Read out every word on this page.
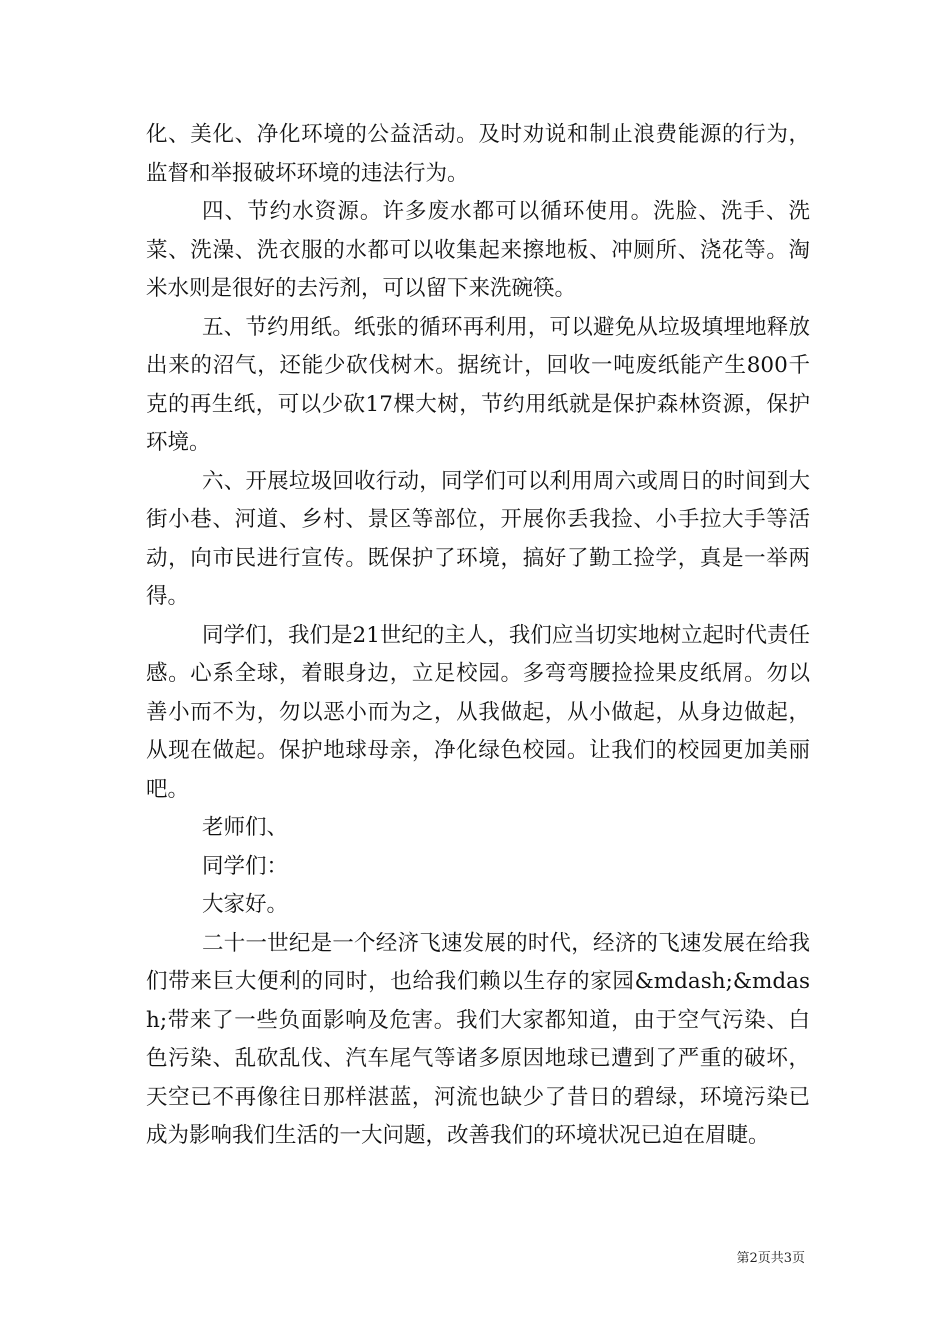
化、美化、净化环境的公益活动。及时劝说和制止浪费能源的行为，监督和举报破坏环境的违法行为。

四、节约水资源。许多废水都可以循环使用。洗脸、洗手、洗菜、洗澡、洗衣服的水都可以收集起来擦地板、冲厕所、浇花等。淘米水则是很好的去污剂，可以留下来洗碗筷。

五、节约用纸。纸张的循环再利用，可以避免从垃圾填埋地释放出来的沼气，还能少砍伐树木。据统计，回收一吨废纸能产生800千克的再生纸，可以少砍17棵大树，节约用纸就是保护森林资源，保护环境。

六、开展垃圾回收行动，同学们可以利用周六或周日的时间到大街小巷、河道、乡村、景区等部位，开展你丢我捡、小手拉大手等活动，向市民进行宣传。既保护了环境，搞好了勤工捡学，真是一举两得。

同学们，我们是21世纪的主人，我们应当切实地树立起时代责任感。心系全球，着眼身边，立足校园。多弯弯腰捡捡果皮纸屑。勿以善小而不为，勿以恶小而为之，从我做起，从小做起，从身边做起，从现在做起。保护地球母亲，净化绿色校园。让我们的校园更加美丽吧。

老师们、

同学们：

大家好。

二十一世纪是一个经济飞速发展的时代，经济的飞速发展在给我们带来巨大便利的同时，也给我们赖以生存的家园&mdash;&mdash;带来了一些负面影响及危害。我们大家都知道，由于空气污染、白色污染、乱砍乱伐、汽车尾气等诸多原因地球已遭到了严重的破坏，天空已不再像往日那样湛蓝，河流也缺少了昔日的碧绿，环境污染已成为影响我们生活的一大问题，改善我们的环境状况已迫在眉睫。

第2页共3页
